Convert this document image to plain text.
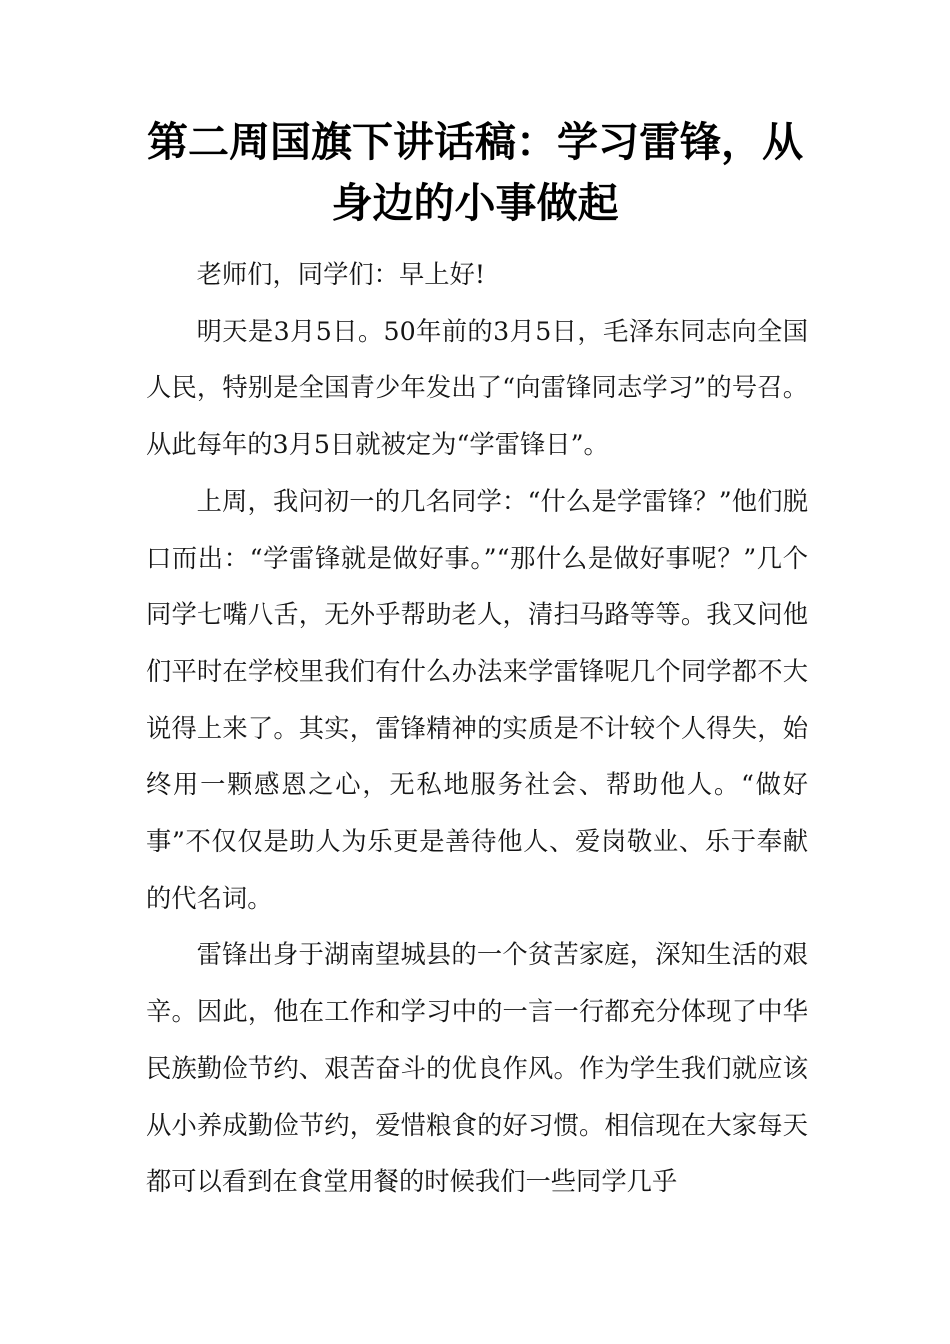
第二周国旗下讲话稿：学习雷锋，从身边的小事做起

老师们，同学们：早上好!

明天是3月5日。50年前的3月5日，毛泽东同志向全国人民，特别是全国青少年发出了“向雷锋同志学习”的号召。从此每年的3月5日就被定为“学雷锋日”。

上周，我问初一的几名同学：“什么是学雷锋？”他们脱口而出：“学雷锋就是做好事。”“那什么是做好事呢？”几个同学七嘴八舌，无外乎帮助老人，清扫马路等等。我又问他们平时在学校里我们有什么办法来学雷锋呢几个同学都不大说得上来了。其实，雷锋精神的实质是不计较个人得失，始终用一颗感恩之心，无私地服务社会、帮助他人。“做好事”不仅仅是助人为乐更是善待他人、爱岗敬业、乐于奉献的代名词。

雷锋出身于湖南望城县的一个贫苦家庭，深知生活的艰辛。因此，他在工作和学习中的一言一行都充分体现了中华民族勤俭节约、艰苦奋斗的优良作风。作为学生我们就应该从小养成勤俭节约，爱惜粮食的好习惯。相信现在大家每天都可以看到在食堂用餐的时候我们一些同学几乎
